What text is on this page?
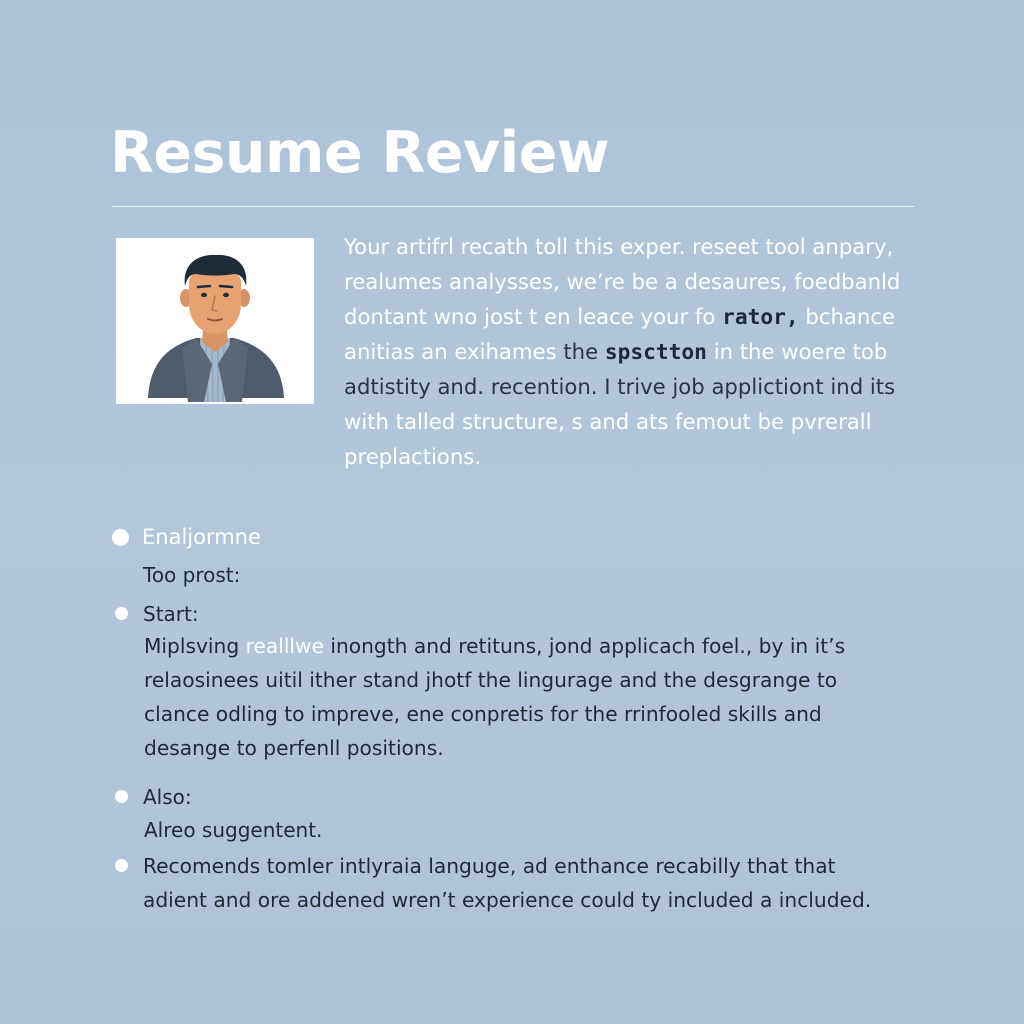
Resume Review
Your artifrl recath toll this exper. reseet tool anpary,
realumes analysses, we’re be a desaures, foedbanld
dontant wno jost t en leace your fo rator, bchance
anitias an exihames the spsctton in the woere tob
adtistity and. recention. I trive job applictiont ind its
with talled structure, s and ats femout be pvrerall
preplactions.
Enaljormne
Too prost:
Start:
Miplsving realllwe inongth and retituns, jond applicach foel., by in it’s
relaosinees uitil ither stand jhotf the lingurage and the desgrange to
clance odling to impreve, ene conpretis for the rrinfooled skills and
desange to perfenll positions.
Also:
Alreo suggentent.
Recomends tomler intlyraia languge, ad enthance recabilly that that
adient and ore addened wren’t experience could ty included a included.
